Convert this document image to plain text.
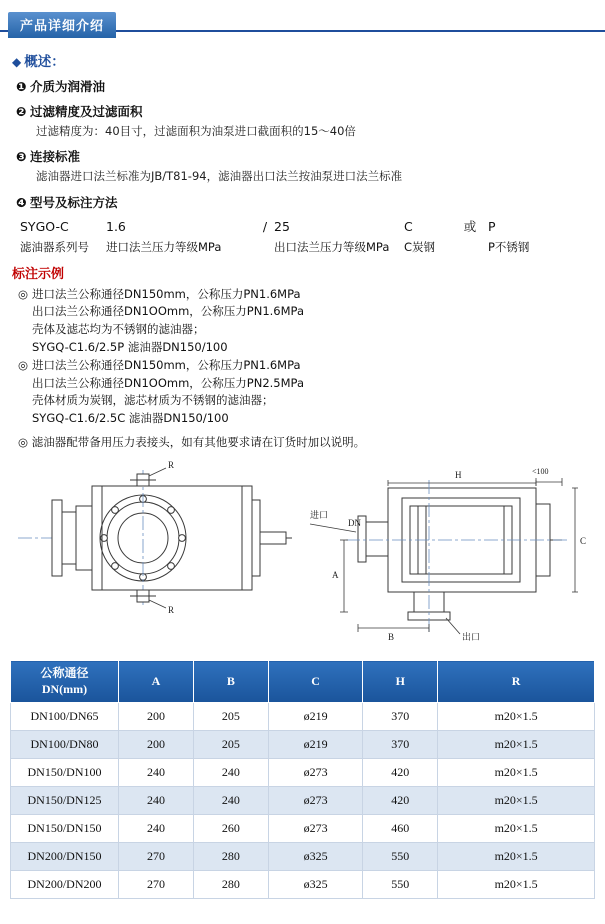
产品详细介绍
◆ 概述：
❶ 介质为润滑油
❷ 过滤精度及过滤面积
过滤精度为：40目寸，过滤面积为油泵进口截面积的15～40倍
❸ 连接标准
滤油器进口法兰标准为JB/T81-94，滤油器出口法兰按油泵进口法兰标准
❹ 型号及标注方法
SYGO-C	1.6	/ 25	C	或 P
滤油器系列号	进口法兰压力等级MPa	出口法兰压力等级MPa	C炭钢	P不锈钢
标注示例
◎ 进口法兰公称通径DN150mm，公称压力PN1.6MPa
出口法兰公称通径DN1OOmm，公称压力PN1.6MPa
壳体及滤芯均为不锈钢的滤油器；
SYGQ-C1.6/2.5P 滤油器DN150/100
◎ 进口法兰公称通径DN150mm，公称压力PN1.6MPa
出口法兰公称通径DN1OOmm，公称压力PN2.5MPa
壳体材质为炭钢，滤芯材质为不锈钢的滤油器；
SYGQ-C1.6/2.5C 滤油器DN150/100
◎ 滤油器配带备用压力表接头，如有其他要求请在订货时加以说明。
R
R
H	<100
C
A
B
进口
DN
出口
公称通径
DN(mm)	A	B	C	H	R
DN100/DN65	200	205	ø219	370	m20×1.5
DN100/DN80	200	205	ø219	370	m20×1.5
DN150/DN100	240	240	ø273	420	m20×1.5
DN150/DN125	240	240	ø273	420	m20×1.5
DN150/DN150	240	260	ø273	460	m20×1.5
DN200/DN150	270	280	ø325	550	m20×1.5
DN200/DN200	270	280	ø325	550	m20×1.5
